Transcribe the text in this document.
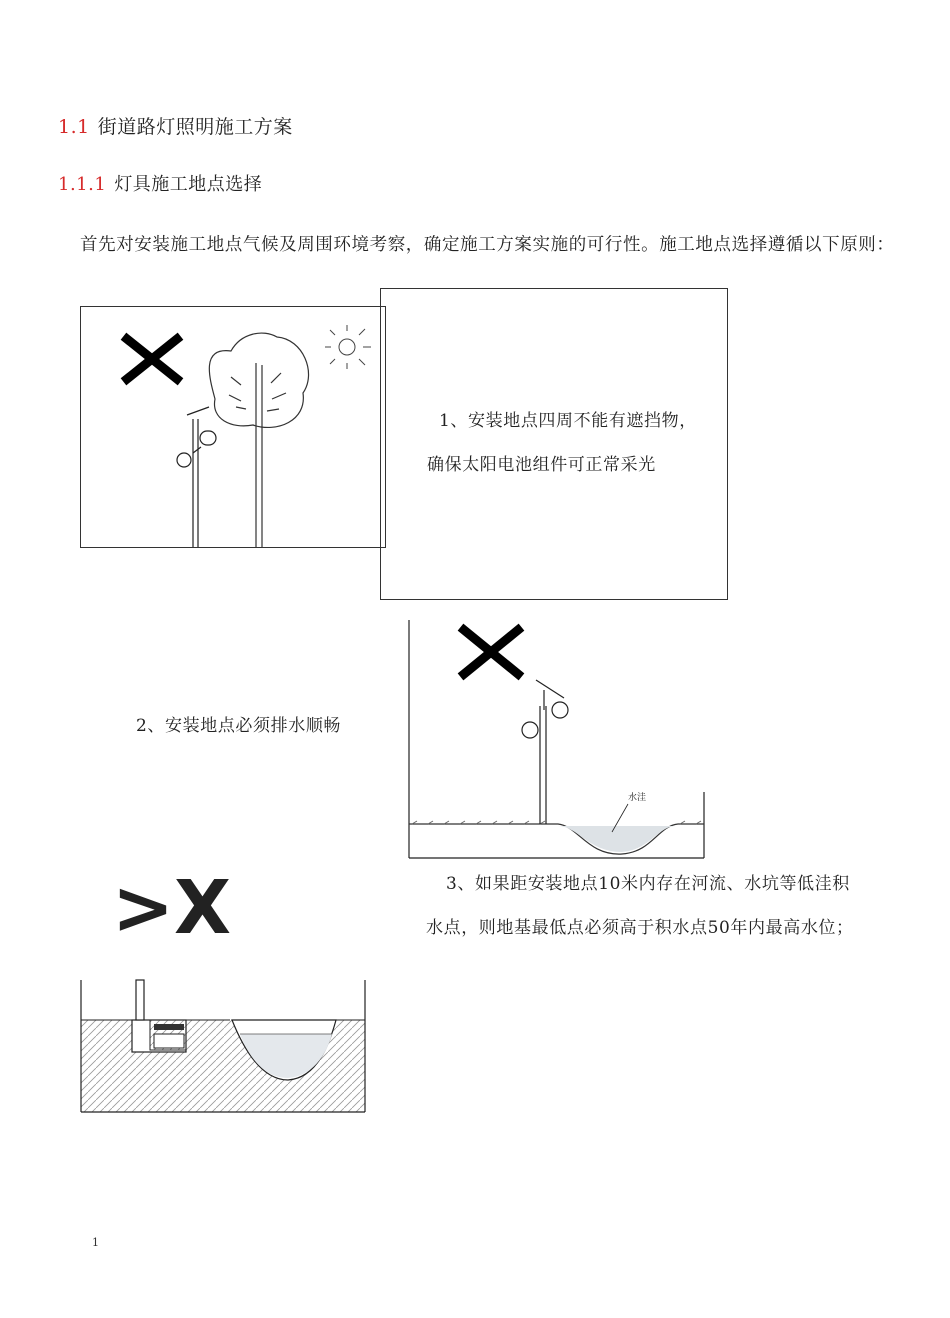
1.1 街道路灯照明施工方案
1.1.1 灯具施工地点选择
首先对安装施工地点气候及周围环境考察，确定施工方案实施的可行性。施工地点选择遵循以下原则：
1、安装地点四周不能有遮挡物，
确保太阳电池组件可正常采光
2、安装地点必须排水顺畅
水洼
>X	3、如果距安装地点10米内存在河流、水坑等低洼积
水点，则地基最低点必须高于积水点50年内最高水位；
1
